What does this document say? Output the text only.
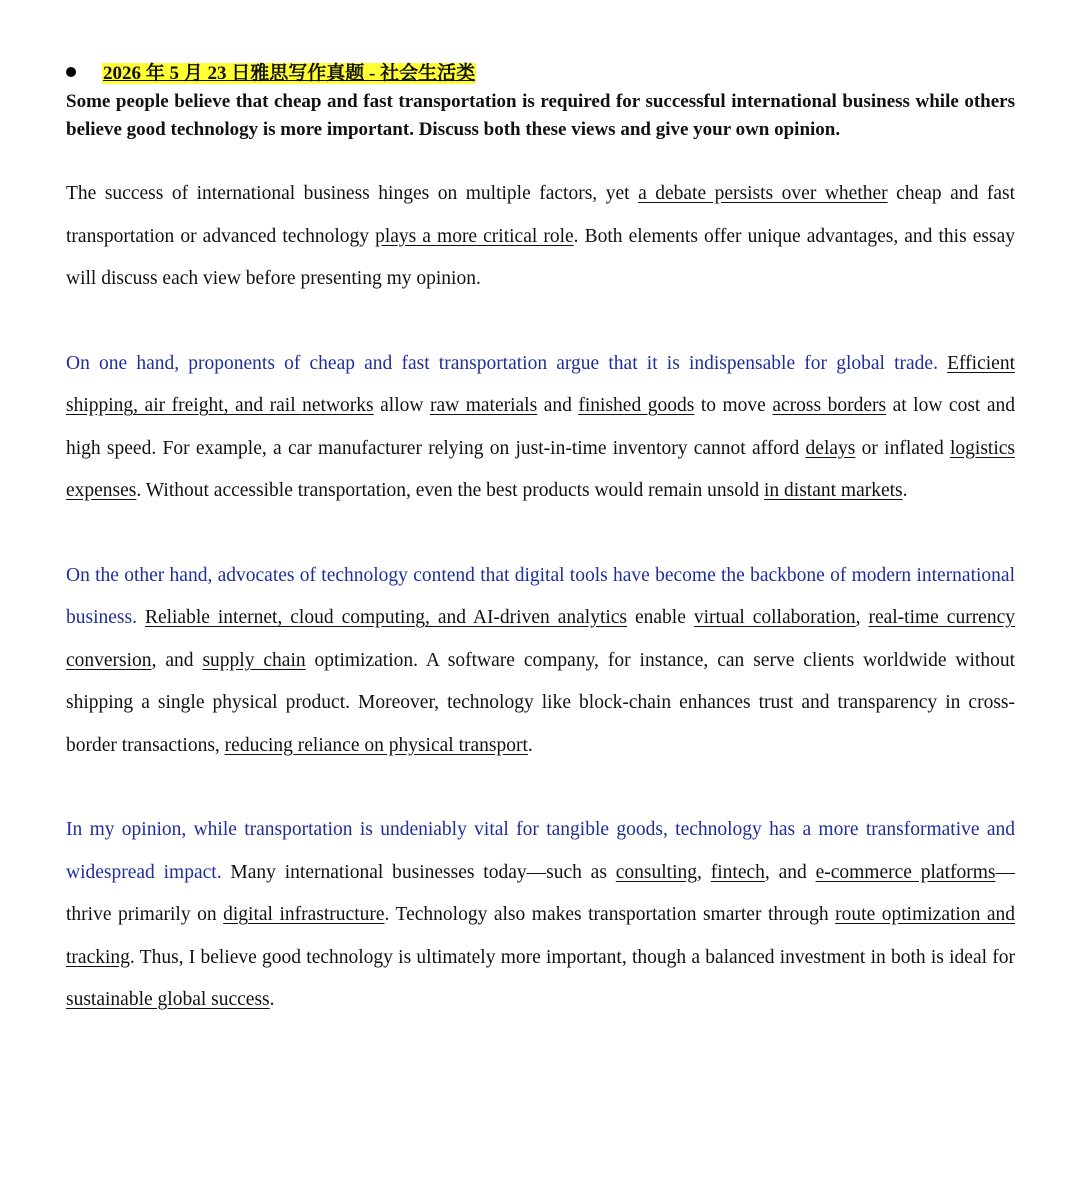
2026 年 5 月 23 日雅思写作真题 - 社会生活类

Some people believe that cheap and fast transportation is required for successful international business while others believe good technology is more important. Discuss both these views and give your own opinion.

The success of international business hinges on multiple factors, yet a debate persists over whether cheap and fast transportation or advanced technology plays a more critical role. Both elements offer unique advantages, and this essay will discuss each view before presenting my opinion.

On one hand, proponents of cheap and fast transportation argue that it is indispensable for global trade. Efficient shipping, air freight, and rail networks allow raw materials and finished goods to move across borders at low cost and high speed. For example, a car manufacturer relying on just-in-time inventory cannot afford delays or inflated logistics expenses. Without accessible transportation, even the best products would remain unsold in distant markets.

On the other hand, advocates of technology contend that digital tools have become the backbone of modern international business. Reliable internet, cloud computing, and AI-driven analytics enable virtual collaboration, real-time currency conversion, and supply chain optimization. A software company, for instance, can serve clients worldwide without shipping a single physical product. Moreover, technology like block-chain enhances trust and transparency in cross-border transactions, reducing reliance on physical transport.

In my opinion, while transportation is undeniably vital for tangible goods, technology has a more transformative and widespread impact. Many international businesses today—such as consulting, fintech, and e-commerce platforms—thrive primarily on digital infrastructure. Technology also makes transportation smarter through route optimization and tracking. Thus, I believe good technology is ultimately more important, though a balanced investment in both is ideal for sustainable global success.
